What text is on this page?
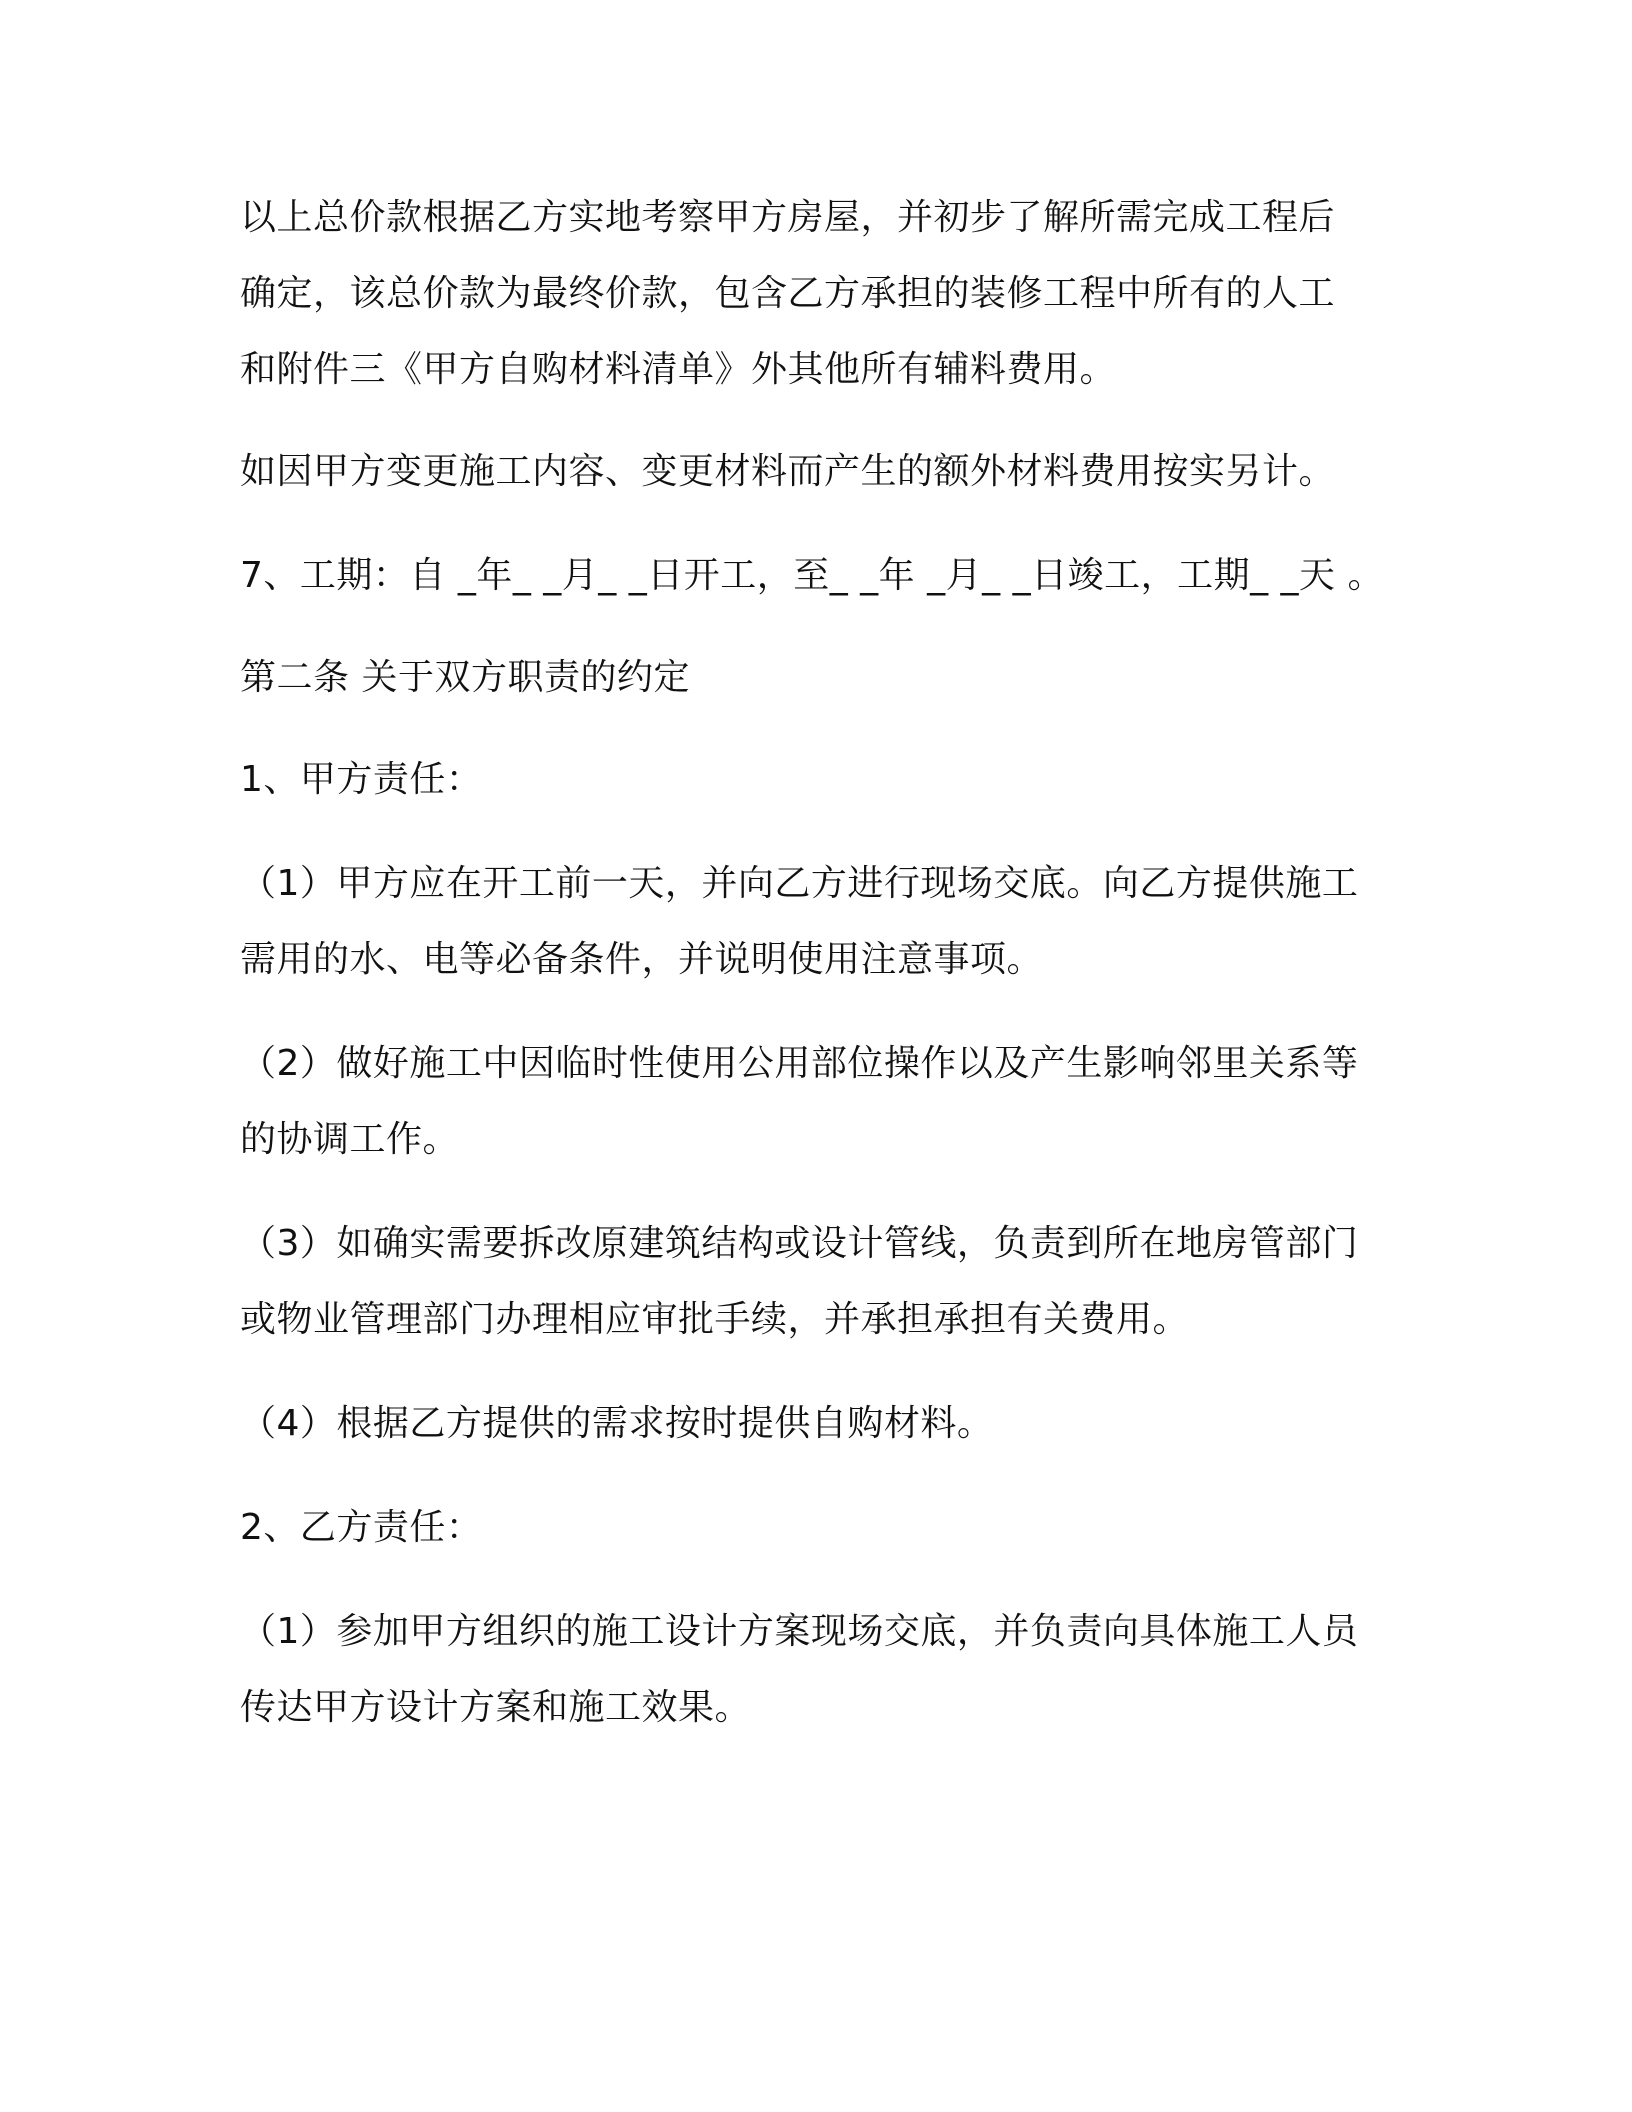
以上总价款根据乙方实地考察甲方房屋，并初步了解所需完成工程后
确定，该总价款为最终价款，包含乙方承担的装修工程中所有的人工
和附件三《甲方自购材料清单》外其他所有辅料费用。
如因甲方变更施工内容、变更材料而产生的额外材料费用按实另计。
7、工期：自 _年_ _月_ _日开工，至_ _年 _月_ _日竣工，工期_ _天 。
第二条 关于双方职责的约定
1、甲方责任：
（1）甲方应在开工前一天，并向乙方进行现场交底。向乙方提供施工
需用的水、电等必备条件，并说明使用注意事项。
（2）做好施工中因临时性使用公用部位操作以及产生影响邻里关系等
的协调工作。
（3）如确实需要拆改原建筑结构或设计管线，负责到所在地房管部门
或物业管理部门办理相应审批手续，并承担承担有关费用。
（4）根据乙方提供的需求按时提供自购材料。
2、乙方责任：
（1）参加甲方组织的施工设计方案现场交底，并负责向具体施工人员
传达甲方设计方案和施工效果。
